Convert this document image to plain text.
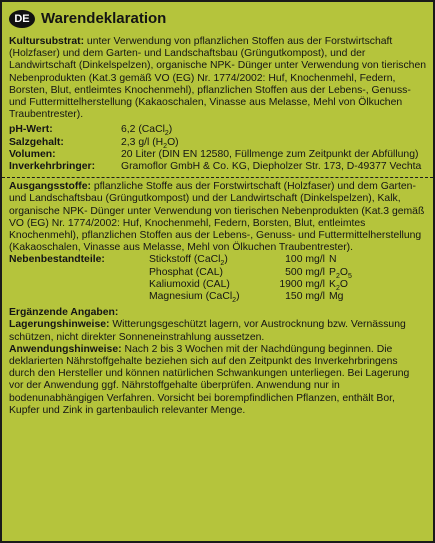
DE Warendeklaration

Kultursubstrat: unter Verwendung von pflanzlichen Stoffen aus der Forstwirtschaft (Holzfaser) und dem Garten- und Landschaftsbau (Grüngutkompost), und der Landwirtschaft (Dinkelspelzen), organische NPK- Dünger unter Verwendung von tierischen Nebenprodukten (Kat.3 gemäß VO (EG) Nr. 1774/2002: Huf, Knochenmehl, Federn, Borsten, Blut, entleimtes Knochenmehl), pflanzlichen Stoffen aus der Lebens-, Genuss- und Futtermittelherstellung (Kakaoschalen, Vinasse aus Melasse, Mehl von Ölkuchen Traubentrester).

pH-Wert:	6,2 (CaCl$_2$)
Salzgehalt:	2,3 g/l $(H_2O)$
Volumen:	20 Liter (DIN EN 12580, Füllmenge zum Zeitpunkt der Abfüllung)
Inverkehrbringer:	Gramoflor GmbH & Co. KG, Diepholzer Str. 173, D-49377 Vechta

Ausgangsstoffe: pflanzliche Stoffe aus der Forstwirtschaft (Holzfaser) und dem Garten- und Landschaftsbau (Grüngutkompost) und der Landwirtschaft (Dinkelspelzen), Kalk, organische NPK- Dünger unter Verwendung von tierischen Nebenprodukten (Kat.3 gemäß VO (EG) Nr. 1774/2002: Huf, Knochenmehl, Federn, Borsten, Blut, entleimtes Knochenmehl), pflanzlichen Stoffen aus der Lebens-, Genuss- und Futtermittelherstellung (Kakaoschalen, Vinasse aus Melasse, Mehl von Ölkuchen Traubentrester).

Nebenbestandteile:	Stickstoff (CaCl$_2$)	100 mg/l N
Phosphat (CAL)	500 mg/l $P_2O_5$
Kaliumoxid (CAL)	1900 mg/l $K_2O$
Magnesium (CaCl$_2$)	150 mg/l Mg
Ergänzende Angaben:

Lagerungshinweise: Witterungsgeschützt lagern, vor Austrocknung bzw. Vernässung schützen, nicht direkter Sonneneinstrahlung aussetzen.

Anwendungshinweise: Nach 2 bis 3 Wochen mit der Nachdüngung beginnen. Die deklarierten Nährstoffgehalte beziehen sich auf den Zeitpunkt des Inverkehrbringens durch den Hersteller und können natürlichen Schwankungen unterliegen. Bei Lagerung vor der Anwendung ggf. Nährstoffgehalte überprüfen. Anwendung nur in bodenunabhängigen Verfahren. Vorsicht bei borempfindlichen Pflanzen, enthält Bor, Kupfer und Zink in gartenbaulich relevanter Menge.
